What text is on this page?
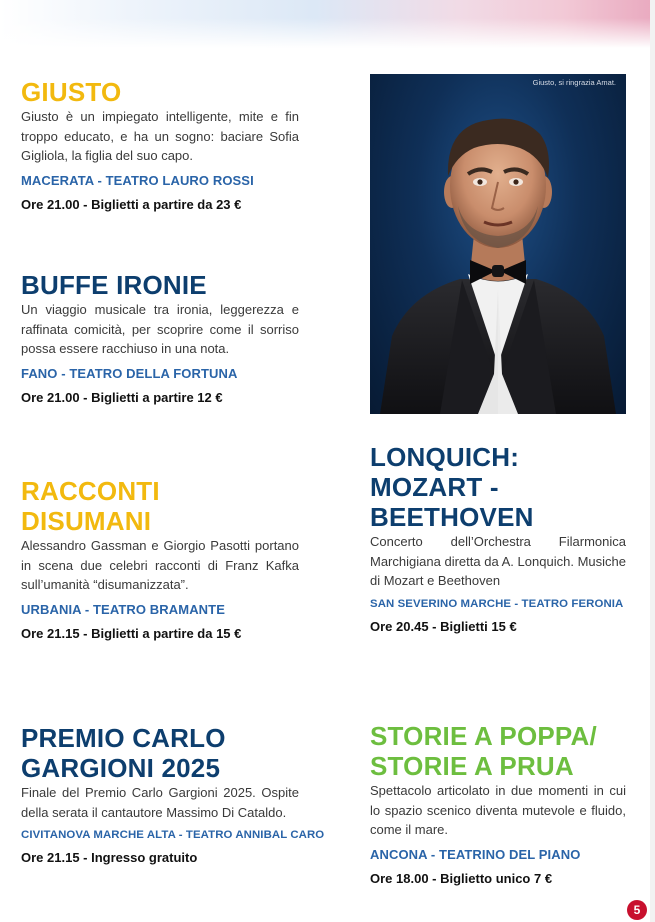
GIUSTO

Giusto è un impiegato intelligente, mite e fin troppo educato, e ha un sogno: baciare Sofia Gigliola, la figlia del suo capo.

MACERATA - TEATRO LAURO ROSSI
Ore 21.00 - Biglietti a partire da 23 €
BUFFE IRONIE

Un viaggio musicale tra ironia, leggerezza e raffinata comicità, per scoprire come il sorriso possa essere racchiuso in una nota.

FANO - TEATRO DELLA FORTUNA
Ore 21.00 - Biglietti a partire 12 €
RACCONTI
DISUMANI

Alessandro Gassman e Giorgio Pasotti portano in scena due celebri racconti di Franz Kafka sull’umanità “disumanizzata”.

URBANIA - TEATRO BRAMANTE
Ore 21.15 - Biglietti a partire da 15 €
PREMIO CARLO
GARGIONI 2025

Finale del Premio Carlo Gargioni 2025. Ospite della serata il cantautore Massimo Di Cataldo.

CIVITANOVA MARCHE ALTA - TEATRO ANNIBAL CARO
Ore 21.15 - Ingresso gratuito
Giusto, si ringrazia Amat.
LONQUICH:
MOZART -
BEETHOVEN

Concerto dell’Orchestra Filarmonica Marchigiana diretta da A. Lonquich. Musiche di Mozart e Beethoven

SAN SEVERINO MARCHE - TEATRO FERONIA
Ore 20.45 - Biglietti 15 €
STORIE A POPPA/
STORIE A PRUA

Spettacolo articolato in due momenti in cui lo spazio scenico diventa mutevole e fluido, come il mare.

ANCONA - TEATRINO DEL PIANO
Ore 18.00 - Biglietto unico 7 €
5
